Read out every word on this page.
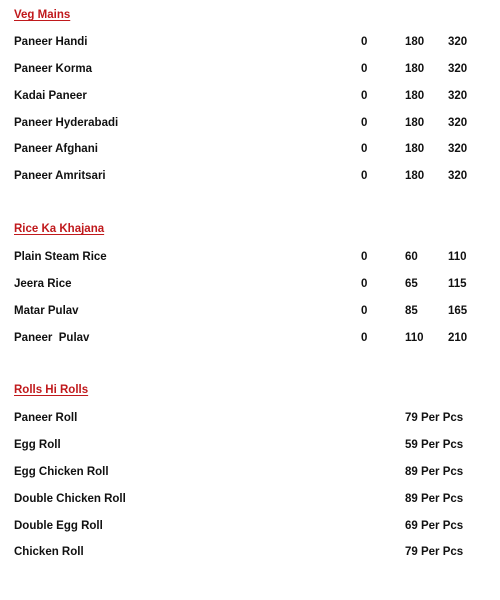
Veg Mains
Paneer Handi	0	180 320
Paneer Korma	0	180 320
Kadai Paneer	0	180 320
Paneer Hyderabadi	0	180 320
Paneer Afghani	0	180 320
Paneer Amritsari	0	180 320
Rice Ka Khajana
Plain Steam Rice	0	60	110
Jeera Rice	0	65	115
Matar Pulav	0	85	165
Paneer  Pulav	0	110 210
Rolls Hi Rolls
Paneer Roll	79 Per Pcs
Egg Roll	59 Per Pcs
Egg Chicken Roll	89 Per Pcs
Double Chicken Roll	89 Per Pcs
Double Egg Roll	69 Per Pcs
Chicken Roll	79 Per Pcs
